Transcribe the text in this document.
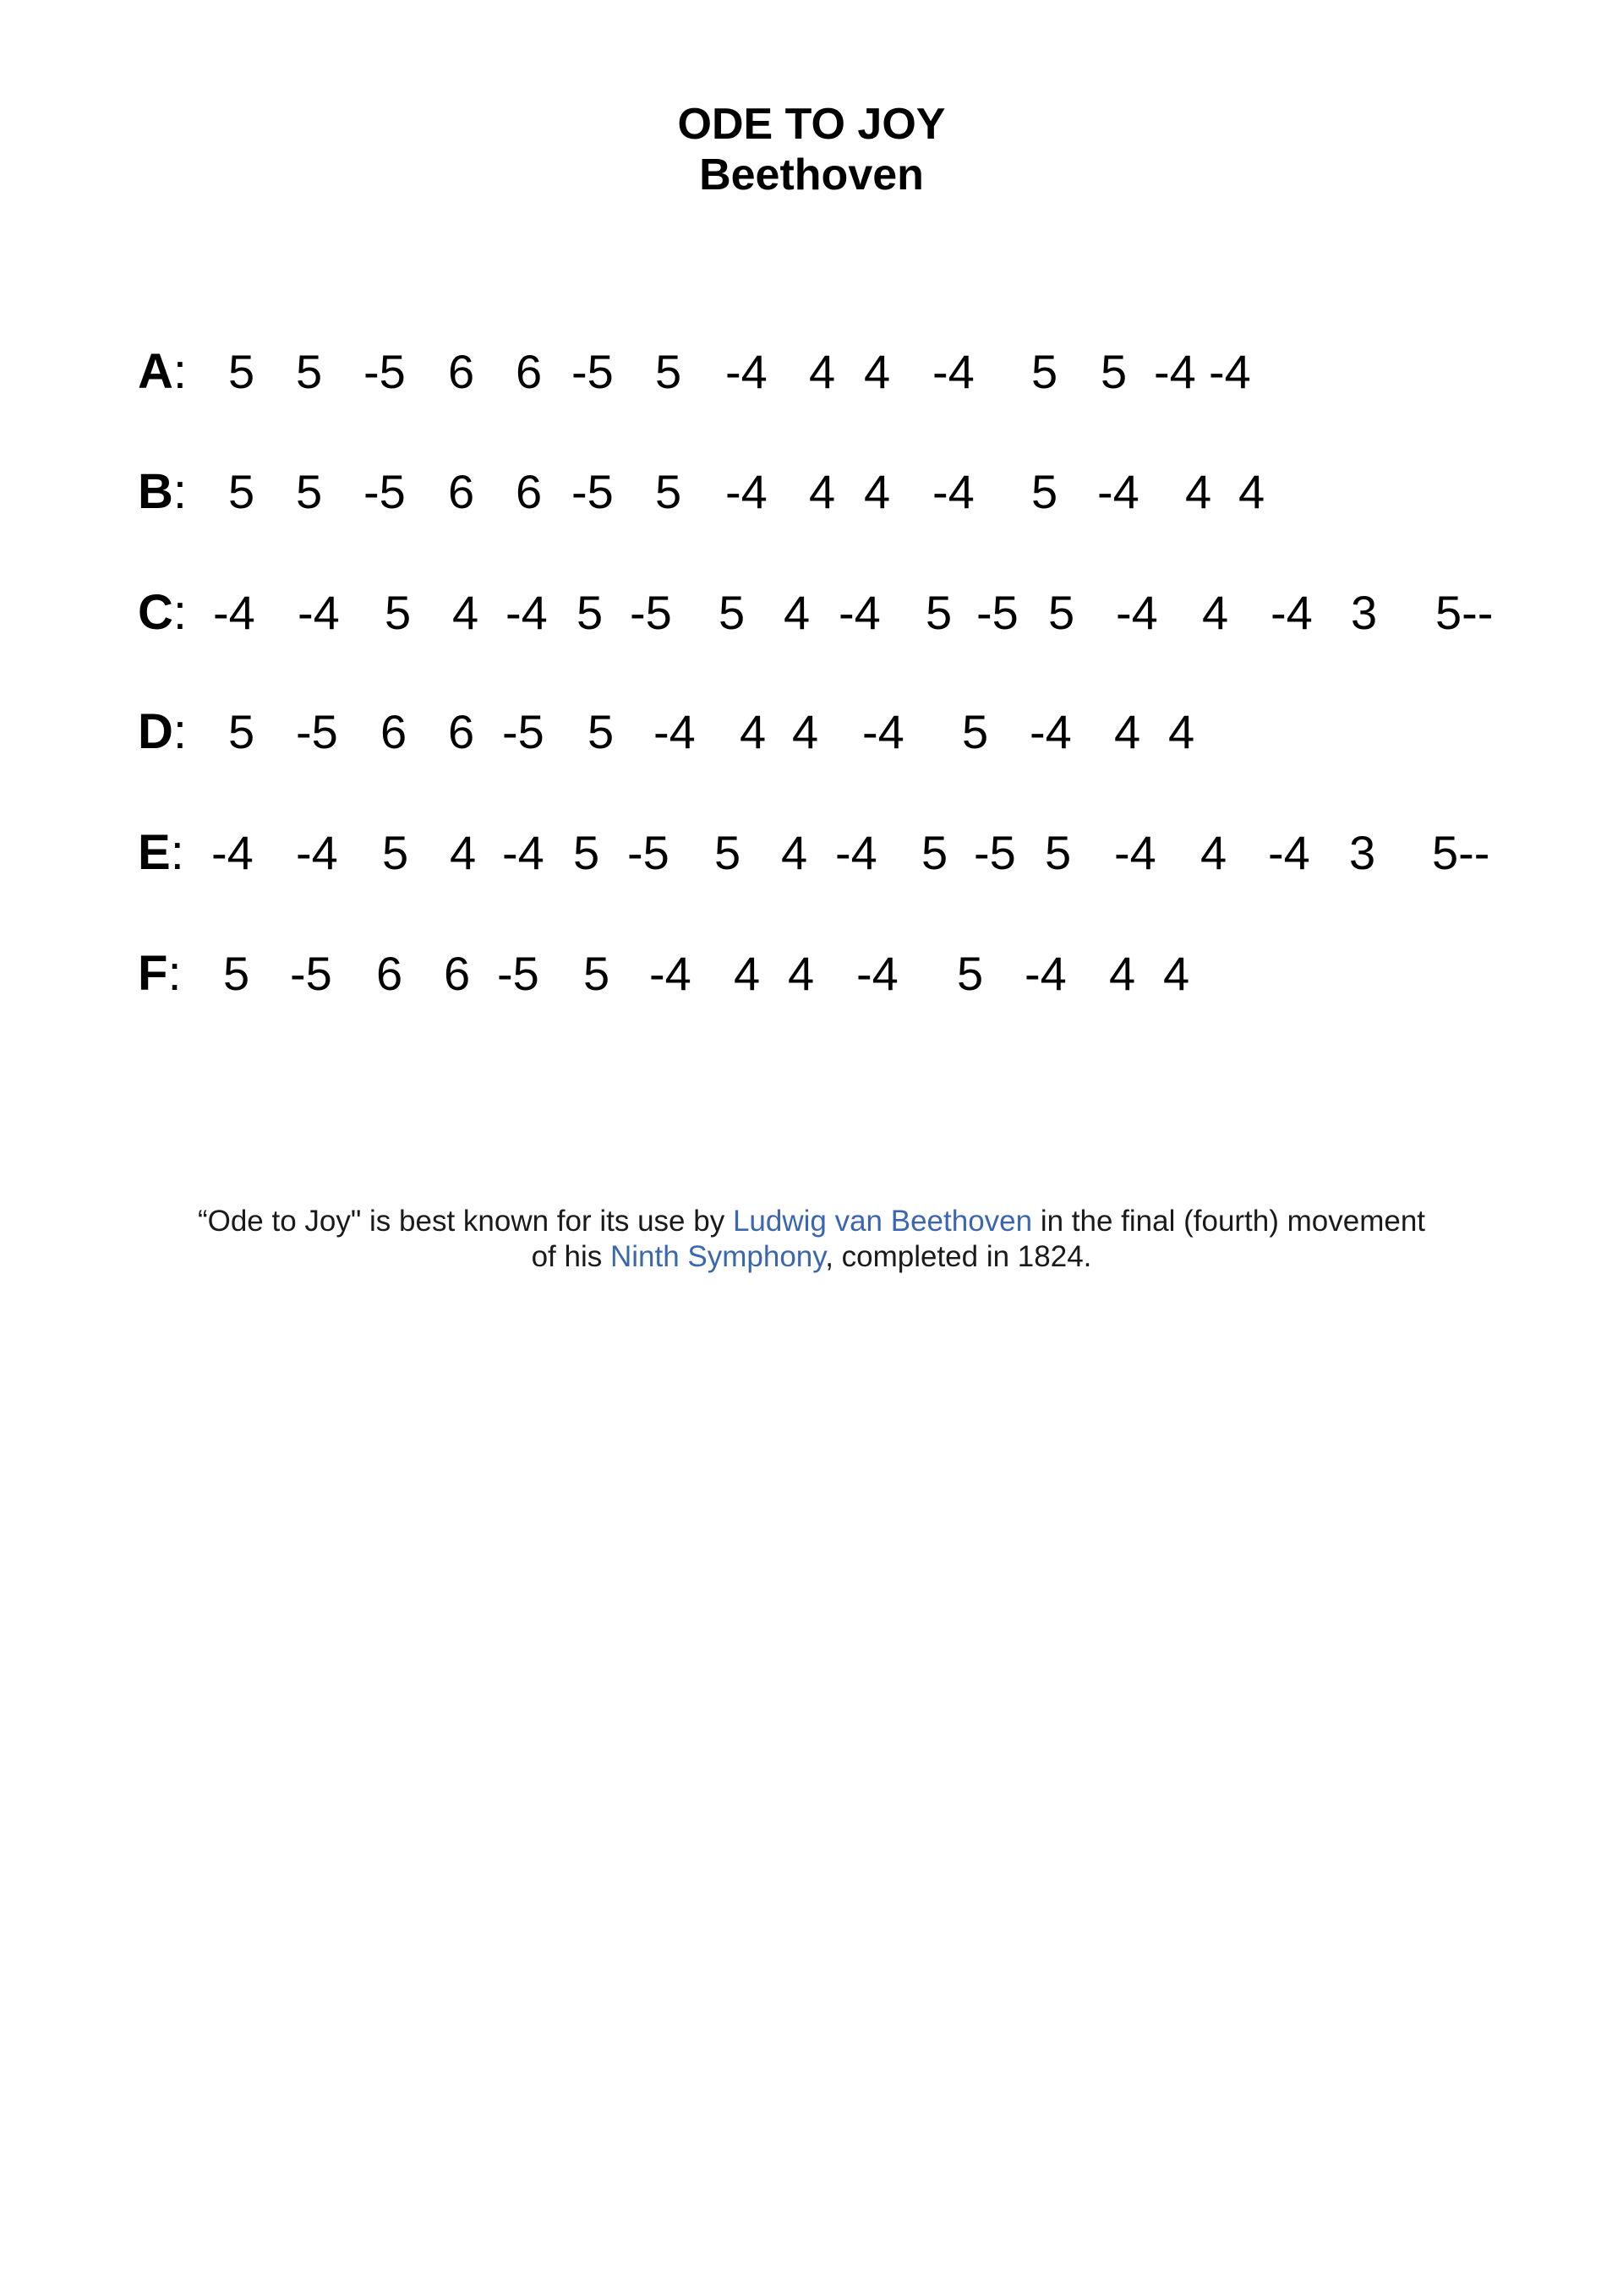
ODE TO JOY
Beethoven
A: 5 5 -5 6 6 -5 5 -4 4 4 -4 5 5 -4 -4
B: 5 5 -5 6 6 -5 5 -4 4 4 -4 5 -4 4 4
C: -4 -4 5 4 -4 5 -5 5 4 -4 5 -5 5 -4 4 -4 3 5--
D: 5 -5 6 6 -5 5 -4 4 4 -4 5 -4 4 4
E: -4 -4 5 4 -4 5 -5 5 4 -4 5 -5 5 -4 4 -4 3 5--
F: 5 -5 6 6 -5 5 -4 4 4 -4 5 -4 4 4
“Ode to Joy" is best known for its use by Ludwig van Beethoven in the final (fourth) movement
of his Ninth Symphony, completed in 1824.
